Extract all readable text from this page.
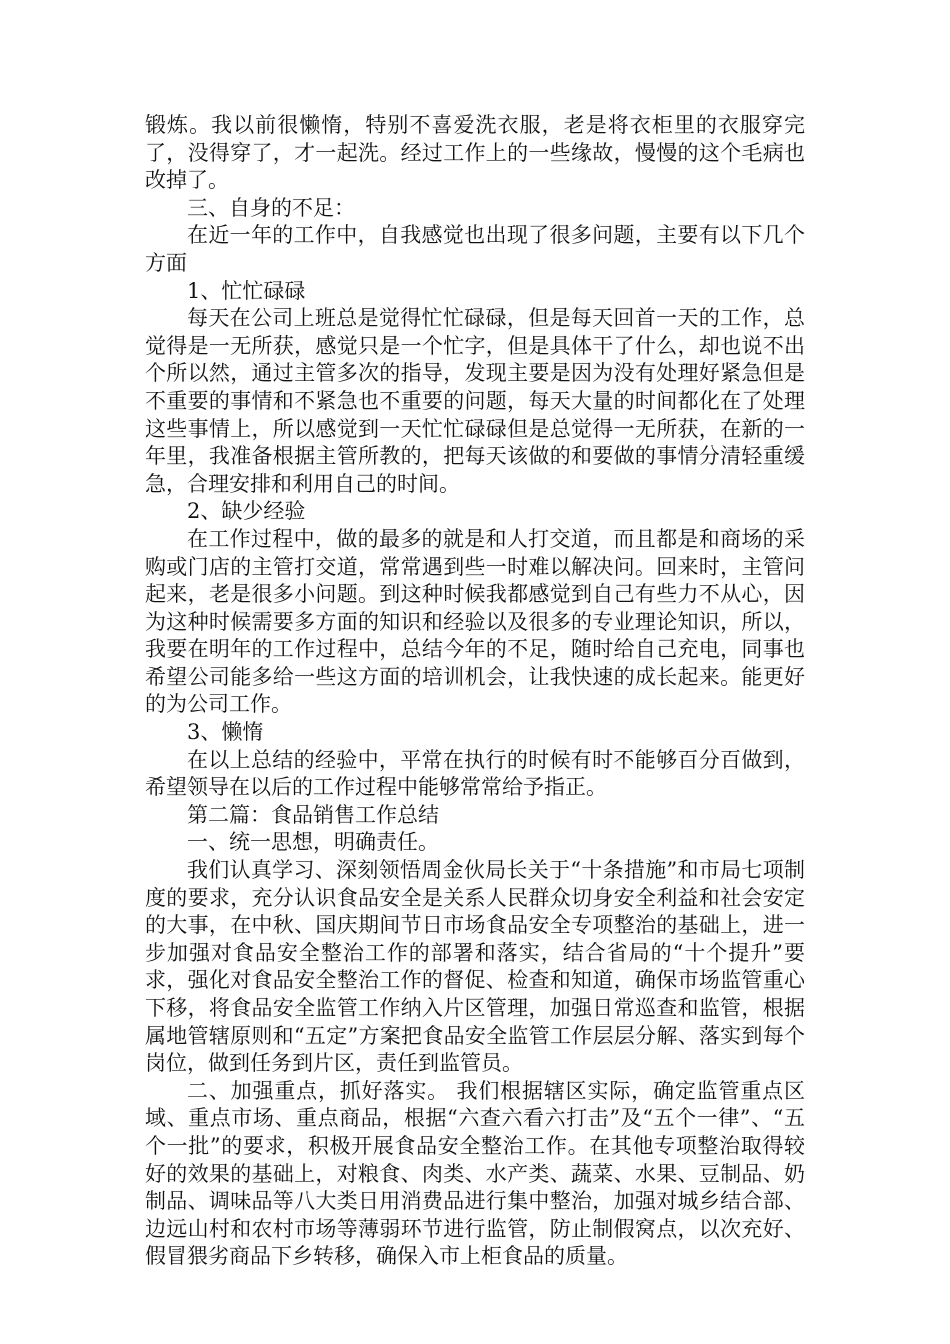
锻炼。我以前很懒惰，特别不喜爱洗衣服，老是将衣柜里的衣服穿完了，没得穿了，才一起洗。经过工作上的一些缘故，慢慢的这个毛病也改掉了。

三、自身的不足：

在近一年的工作中，自我感觉也出现了很多问题，主要有以下几个方面

1、忙忙碌碌

每天在公司上班总是觉得忙忙碌碌，但是每天回首一天的工作，总觉得是一无所获，感觉只是一个忙字，但是具体干了什么，却也说不出个所以然，通过主管多次的指导，发现主要是因为没有处理好紧急但是不重要的事情和不紧急也不重要的问题，每天大量的时间都化在了处理这些事情上，所以感觉到一天忙忙碌碌但是总觉得一无所获，在新的一年里，我准备根据主管所教的，把每天该做的和要做的事情分清轻重缓急，合理安排和利用自己的时间。

2、缺少经验

在工作过程中，做的最多的就是和人打交道，而且都是和商场的采购或门店的主管打交道，常常遇到些一时难以解决问。回来时，主管问起来，老是很多小问题。到这种时候我都感觉到自己有些力不从心，因为这种时候需要多方面的知识和经验以及很多的专业理论知识，所以，我要在明年的工作过程中，总结今年的不足，随时给自己充电，同事也希望公司能多给一些这方面的培训机会，让我快速的成长起来。能更好的为公司工作。

3、懒惰

在以上总结的经验中，平常在执行的时候有时不能够百分百做到，希望领导在以后的工作过程中能够常常给予指正。

第二篇：食品销售工作总结

一、统一思想，明确责任。

我们认真学习、深刻领悟周金伙局长关于“十条措施”和市局七项制度的要求，充分认识食品安全是关系人民群众切身安全利益和社会安定的大事，在中秋、国庆期间节日市场食品安全专项整治的基础上，进一步加强对食品安全整治工作的部署和落实，结合省局的“十个提升”要求，强化对食品安全整治工作的督促、检查和知道，确保市场监管重心下移，将食品安全监管工作纳入片区管理，加强日常巡查和监管，根据属地管辖原则和“五定”方案把食品安全监管工作层层分解、落实到每个岗位，做到任务到片区，责任到监管员。

二、加强重点，抓好落实。 我们根据辖区实际，确定监管重点区域、重点市场、重点商品，根据“六查六看六打击”及“五个一律”、“五个一批”的要求，积极开展食品安全整治工作。在其他专项整治取得较好的效果的基础上，对粮食、肉类、水产类、蔬菜、水果、豆制品、奶制品、调味品等八大类日用消费品进行集中整治，加强对城乡结合部、边远山村和农村市场等薄弱环节进行监管，防止制假窝点，以次充好、假冒猥劣商品下乡转移，确保入市上柜食品的质量。
